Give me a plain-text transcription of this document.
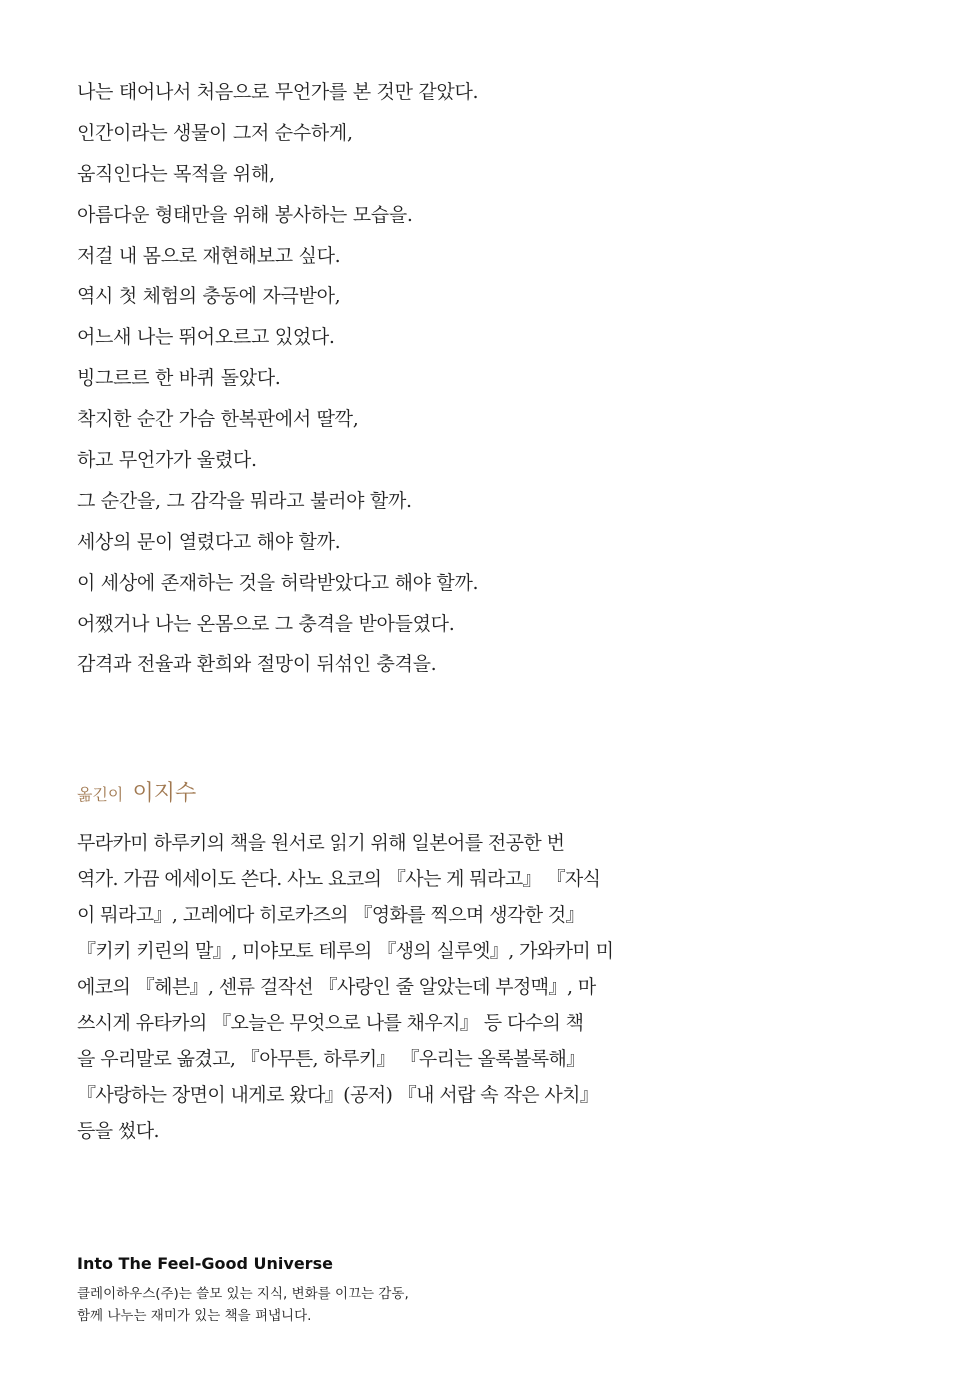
나는 태어나서 처음으로 무언가를 본 것만 같았다.
인간이라는 생물이 그저 순수하게,
움직인다는 목적을 위해,
아름다운 형태만을 위해 봉사하는 모습을.
저걸 내 몸으로 재현해보고 싶다.
역시 첫 체험의 충동에 자극받아,
어느새 나는 뛰어오르고 있었다.
빙그르르 한 바퀴 돌았다.
착지한 순간 가슴 한복판에서 딸깍,
하고 무언가가 울렸다.
그 순간을, 그 감각을 뭐라고 불러야 할까.
세상의 문이 열렸다고 해야 할까.
이 세상에 존재하는 것을 허락받았다고 해야 할까.
어쨌거나 나는 온몸으로 그 충격을 받아들였다.
감격과 전율과 환희와 절망이 뒤섞인 충격을.
옮긴이 이지수
무라카미 하루키의 책을 원서로 읽기 위해 일본어를 전공한 번
역가. 가끔 에세이도 쓴다. 사노 요코의 『사는 게 뭐라고』 『자식
이 뭐라고』, 고레에다 히로카즈의 『영화를 찍으며 생각한 것』
『키키 키린의 말』, 미야모토 테루의 『생의 실루엣』, 가와카미 미
에코의 『헤븐』, 센류 걸작선 『사랑인 줄 알았는데 부정맥』, 마
쓰시게 유타카의 『오늘은 무엇으로 나를 채우지』 등 다수의 책
을 우리말로 옮겼고, 『아무튼, 하루키』 『우리는 올록볼록해』
『사랑하는 장면이 내게로 왔다』(공저) 『내 서랍 속 작은 사치』
등을 썼다.
Into The Feel-Good Universe
클레이하우스(주)는 쓸모 있는 지식, 변화를 이끄는 감동,
함께 나누는 재미가 있는 책을 펴냅니다.
